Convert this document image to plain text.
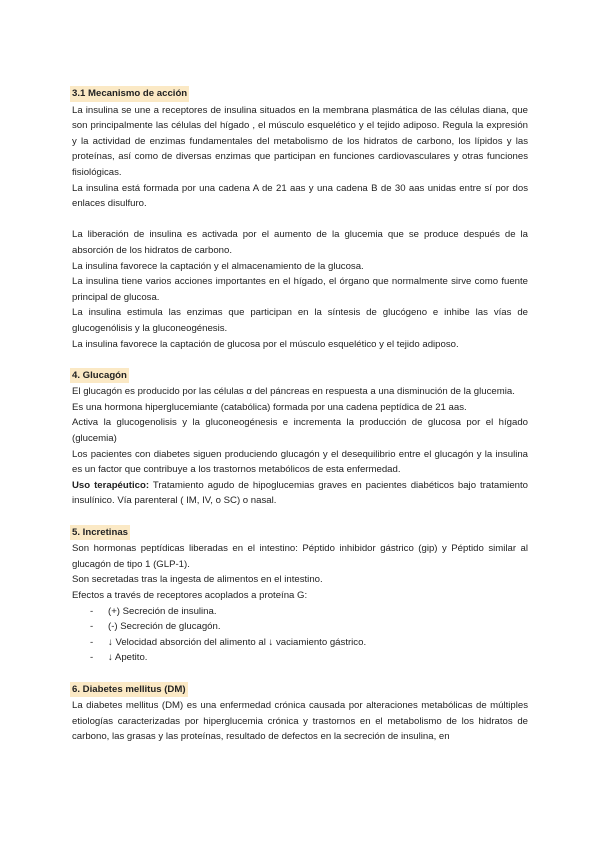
3.1 Mecanismo de acción

La insulina se une a receptores de insulina situados en la membrana plasmática de las células diana, que son principalmente las células del hígado , el músculo esquelético y el tejido adiposo. Regula la expresión y la actividad de enzimas fundamentales del metabolismo de los hidratos de carbono, los lípidos y las proteínas, así como de diversas enzimas que participan en funciones cardiovasculares y otras funciones fisiológicas.

La insulina está formada por una cadena A de 21 aas y una cadena B de 30 aas unidas entre sí por dos enlaces disulfuro.

La liberación de insulina es activada por el aumento de la glucemia que se produce después de la absorción de los hidratos de carbono.

La insulina favorece la captación y el almacenamiento de la glucosa.

La insulina tiene varios acciones importantes en el hígado, el órgano que normalmente sirve como fuente principal de glucosa.

La insulina estimula las enzimas que participan en la síntesis de glucógeno e inhibe las vías de glucogenólisis y la gluconeogénesis.

La insulina favorece la captación de glucosa por el músculo esquelético y el tejido adiposo.

4. Glucagón

El glucagón es producido por las células α del páncreas en respuesta a una disminución de la glucemia.

Es una hormona hiperglucemiante (catabólica) formada por una cadena peptídica de 21 aas.

Activa la glucogenolisis y la gluconeogénesis e incrementa la producción de glucosa por el hígado (glucemia)

Los pacientes con diabetes siguen produciendo glucagón y el desequilibrio entre el glucagón y la insulina es un factor que contribuye a los trastornos metabólicos de esta enfermedad.

Uso terapéutico: Tratamiento agudo de hipoglucemias graves en pacientes diabéticos bajo tratamiento insulínico. Vía parenteral ( IM, IV, o SC) o nasal.

5. Incretinas

Son hormonas peptídicas liberadas en el intestino: Péptido inhibidor gástrico (gip) y Péptido similar al glucagón de tipo 1 (GLP-1).

Son secretadas tras la ingesta de alimentos en el intestino.

Efectos a través de receptores acoplados a proteína G:

- (+) Secreción de insulina.
- (-) Secreción de glucagón.
- ↓ Velocidad absorción del alimento al ↓ vaciamiento gástrico.
- ↓ Apetito.
6. Diabetes mellitus (DM)

La diabetes mellitus (DM) es una enfermedad crónica causada por alteraciones metabólicas de múltiples etiologías caracterizadas por hiperglucemia crónica y trastornos en el metabolismo de los hidratos de carbono, las grasas y las proteínas, resultado de defectos en la secreción de insulina, en
